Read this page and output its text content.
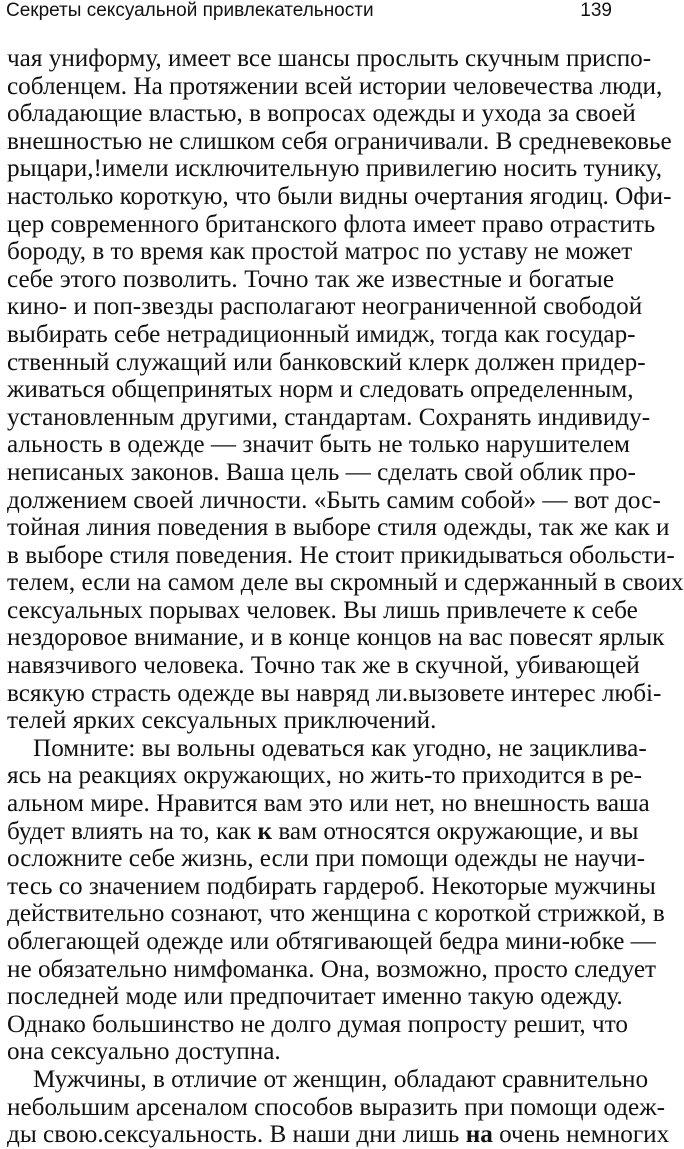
Секреты сексуальной привлекательности	139
чая униформу, имеет все шансы прослыть скучным приспо-
собленцем. На протяжении всей истории человечества люди,
обладающие властью, в вопросах одежды и ухода за своей
внешностью не слишком себя ограничивали. В средневековье
рыцари,!имели исключительную привилегию носить тунику,
настолько короткую, что были видны очертания ягодиц. Офи-
цер современного британского флота имеет право отрастить
бороду, в то время как простой матрос по уставу не может
себе этого позволить. Точно так же известные и богатые
кино- и поп-звезды располагают неограниченной свободой
выбирать себе нетрадиционный имидж, тогда как государ-
ственный служащий или банковский клерк должен придер-
живаться общепринятых норм и следовать определенным,
установленным другими, стандартам. Сохранять индивиду-
альность в одежде — значит быть не только нарушителем
неписаных законов. Ваша цель — сделать свой облик про-
должением своей личности. «Быть самим собой» — вот дос-
тойная линия поведения в выборе стиля одежды, так же как и
в выборе стиля поведения. Не стоит прикидываться обольсти-
телем, если на самом деле вы скромный и сдержанный в своих
сексуальных порывах человек. Вы лишь привлечете к себе
нездоровое внимание, и в конце концов на вас повесят ярлык
навязчивого человека. Точно так же в скучной, убивающей
всякую страсть одежде вы навряд ли.вызовете интерес любi-
телей ярких сексуальных приключений.
Помните: вы вольны одеваться как угодно, не зациклива-
ясь на реакциях окружающих, но жить-то приходится в ре-
альном мире. Нравится вам это или нет, но внешность ваша
будет влиять на то, как к вам относятся окружающие, и вы
осложните себе жизнь, если при помощи одежды не научи-
тесь со значением подбирать гардероб. Некоторые мужчины
действительно сознают, что женщина с короткой стрижкой, в
облегающей одежде или обтягивающей бедра мини-юбке —
не обязательно нимфоманка. Она, возможно, просто следует
последней моде или предпочитает именно такую одежду.
Однако большинство не долго думая попросту решит, что
она сексуально доступна.
Мужчины, в отличие от женщин, обладают сравнительно
небольшим арсеналом способов выразить при помощи одеж-
ды свою.сексуальность. В наши дни лишь на очень немногих
